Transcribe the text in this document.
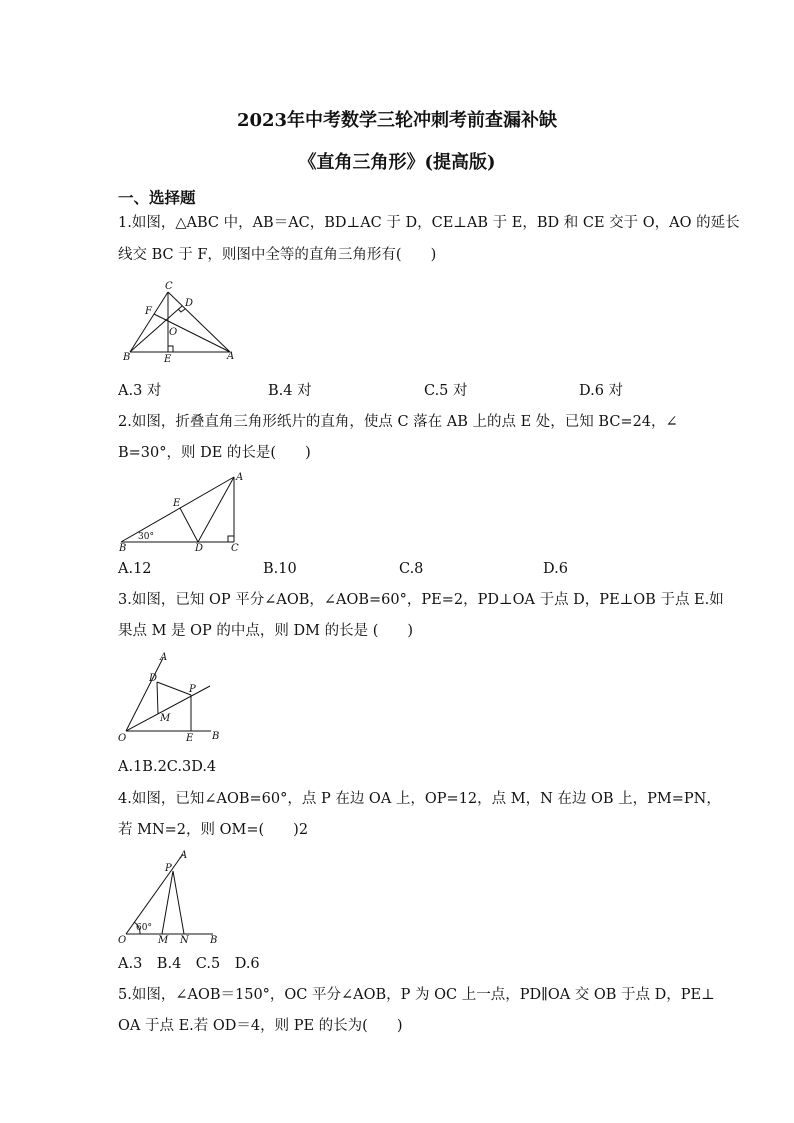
2023年中考数学三轮冲刺考前查漏补缺
《直角三角形》(提高版)
一、选择题
1.如图，△ABC 中，AB＝AC，BD⊥AC 于 D，CE⊥AB 于 E，BD 和 CE 交于 O，AO 的延长
线交 BC 于 F，则图中全等的直角三角形有(　　)
C
D
F
O
B	E	A
A.3 对	B.4 对	C.5 对	D.6 对
2.如图，折叠直角三角形纸片的直角，使点 C 落在 AB 上的点 E 处，已知 BC=24，∠
B=30°，则 DE 的长是(　　)
A
E
30°
B	D	C
A.12	B.10	C.8	D.6
3.如图，已知 OP 平分∠AOB，∠AOB=60°，PE=2，PD⊥OA 于点 D，PE⊥OB 于点 E.如
果点 M 是 OP 的中点，则 DM 的长是 (　　)
A
D
P
M
O	E B
A.1B.2C.3D.4
4.如图，已知∠AOB=60°，点 P 在边 OA 上，OP=12，点 M，N 在边 OB 上，PM=PN，
若 MN=2，则 OM=(　　)2
A
P
60°
O	M N B
A.3　B.4　C.5　D.6
5.如图，∠AOB＝150°，OC 平分∠AOB，P 为 OC 上一点，PD∥OA 交 OB 于点 D，PE⊥
OA 于点 E.若 OD＝4，则 PE 的长为(　　)
